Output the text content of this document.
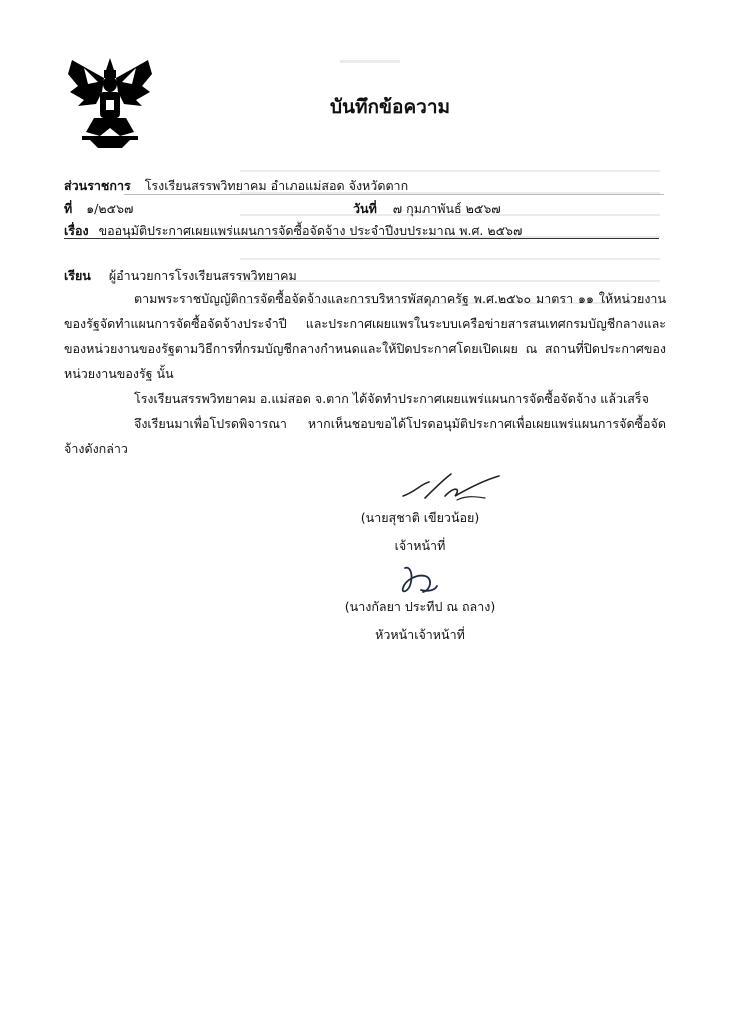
บันทึกข้อความ
ส่วนราชการ โรงเรียนสรรพวิทยาคม อำเภอแม่สอด จังหวัดตาก
ที่ ๑/๒๕๖๗	วันที่ ๗ กุมภาพันธ์ ๒๕๖๗
เรื่อง ขออนุมัติประกาศเผยแพร่แผนการจัดซื้อจัดจ้าง ประจำปีงบประมาณ พ.ศ. ๒๕๖๗
เรียน ผู้อำนวยการโรงเรียนสรรพวิทยาคม
ตามพระราชบัญญัติการจัดซื้อจัดจ้างและการบริหารพัสดุภาครัฐ พ.ศ.๒๕๖๐ มาตรา ๑๑ ให้หน่วยงานของรัฐจัดทำแผนการจัดซื้อจัดจ้างประจำปี และประกาศเผยแพรในระบบเครือข่ายสารสนเทศกรมบัญชีกลางและของหน่วยงานของรัฐตามวิธีการที่กรมบัญชีกลางกำหนดและให้ปิดประกาศโดยเปิดเผย ณ สถานที่ปิดประกาศของหน่วยงานของรัฐ นั้น
โรงเรียนสรรพวิทยาคม อ.แม่สอด จ.ตาก ได้จัดทำประกาศเผยแพร่แผนการจัดซื้อจัดจ้าง แล้วเสร็จ
จึงเรียนมาเพื่อโปรดพิจารณา หากเห็นชอบขอได้โปรดอนุมัติประกาศเพื่อเผยแพร่แผนการจัดซื้อจัดจ้างดังกล่าว
(นายสุชาติ เขียวน้อย)
เจ้าหน้าที่
(นางกัลยา ประทีป ณ ถลาง)
หัวหน้าเจ้าหน้าที่
